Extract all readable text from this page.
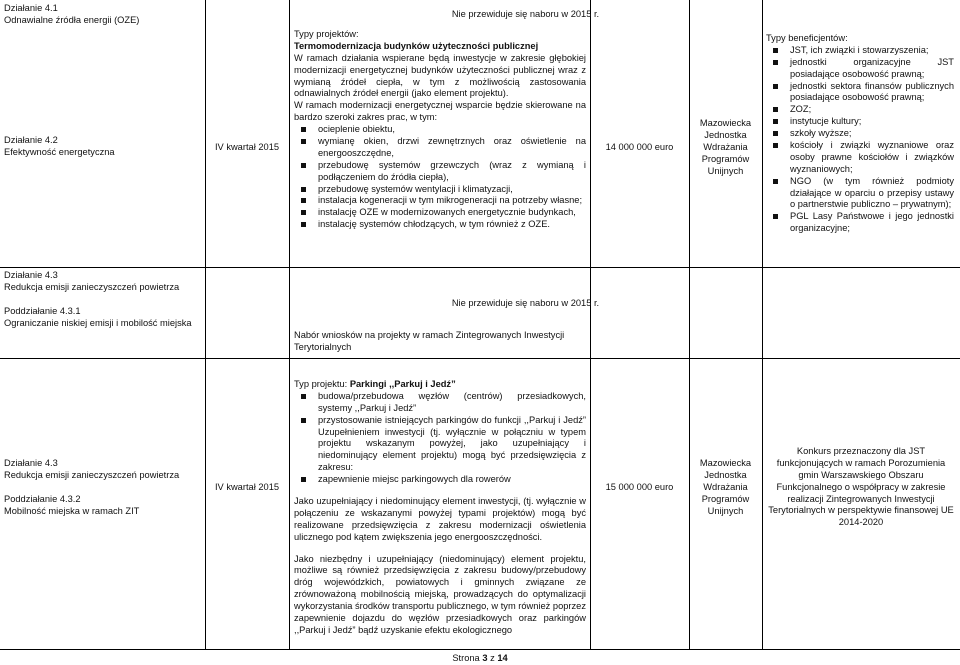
Działanie 4.1

Odnawialne źródła energii (OZE)

Działanie 4.2

Efektywność energetyczna	IV kwartał 2015
Nie przewiduje się naboru w 2015 r.

Typy projektów:

Termomodernizacja budynków użyteczności publicznej

W ramach działania wspierane będą inwestycje w zakresie głębokiej modernizacji energetycznej budynków użyteczności publicznej wraz z wymianą źródeł ciepła, w tym z możliwością zastosowania odnawialnych źródeł energii (jako element projektu).

W ramach modernizacji energetycznej wsparcie będzie skierowane na bardzo szeroki zakres prac, w tym:

ocieplenie obiektu,
wymianę okien, drzwi zewnętrznych oraz oświetlenie na energooszczędne,
przebudowę systemów grzewczych (wraz z wymianą i podłączeniem do źródła ciepła),
przebudowę systemów wentylacji i klimatyzacji,
instalacja kogeneracji w tym mikrogeneracji na potrzeby własne;
instalację OZE w modernizowanych energetycznie budynkach,
instalację systemów chłodzących, w tym również z OZE.
14 000 000 euro

Mazowiecka

Jednostka

Wdrażania

Programów

Unijnych

Typy beneficjentów:

JST, ich związki i stowarzyszenia;
jednostki organizacyjne JST posiadające osobowość prawną;
jednostki sektora finansów publicznych posiadające osobowość prawną;
ZOZ;
instytucje kultury;
szkoły wyższe;
kościoły i związki wyznaniowe oraz osoby prawne kościołów i związków wyznaniowych;
NGO (w tym również podmioty działające w oparciu o przepisy ustawy o partnerstwie publiczno – prywatnym);
PGL Lasy Państwowe i jego jednostki organizacyjne;

Działanie 4.3

Redukcja emisji zanieczyszczeń powietrza

Poddziałanie 4.3.1

Ograniczanie niskiej emisji i mobilość miejska

Nie przewiduje się naboru w 2015 r.
Nabór wniosków na projekty w ramach Zintegrowanych Inwestycji Terytorialnych

Działanie 4.3

Redukcja emisji zanieczyszczeń powietrza

Poddziałanie 4.3.2

Mobilność miejska w ramach ZIT

IV kwartał 2015

Typ projektu: Parkingi ,,Parkuj i Jedź”

budowa/przebudowa węzłów (centrów) przesiadkowych, systemy ,,Parkuj i Jedź”
przystosowanie istniejących parkingów do funkcji ,,Parkuj i Jedź” Uzupełnieniem inwestycji (tj. wyłącznie w połączniu w typem projektu wskazanym powyżej, jako uzupełniający i niedominujący element projektu) mogą być przedsięwzięcia z zakresu:
zapewnienie miejsc parkingowych dla rowerów

Jako uzupełniający i niedominujący element inwestycji, (tj. wyłącznie w połączeniu ze wskazanymi powyżej typami projektów) mogą być realizowane przedsięwzięcia z zakresu modernizacji oświetlenia ulicznego pod kątem zwiększenia jego energooszczędności.

Jako niezbędny i uzupełniający (niedominujący) element projektu, możliwe są również przedsięwzięcia z zakresu budowy/przebudowy dróg wojewódzkich, powiatowych i gminnych związane ze zrównoważoną mobilnością miejską, prowadzących do optymalizacji wykorzystania środków transportu publicznego, w tym również poprzez zapewnienie dojazdu do węzłów przesiadkowych oraz parkingów ,,Parkuj i Jedź” bądź uzyskanie efektu ekologicznego

15 000 000 euro

Mazowiecka

Jednostka

Wdrażania

Programów

Unijnych

Konkurs przeznaczony dla JST funkcjonujących w ramach Porozumienia gmin Warszawskiego Obszaru Funkcjonalnego o współpracy w zakresie realizacji Zintegrowanych Inwestycji Terytorialnych w perspektywie finansowej UE 2014-2020
Strona 3 z 14
